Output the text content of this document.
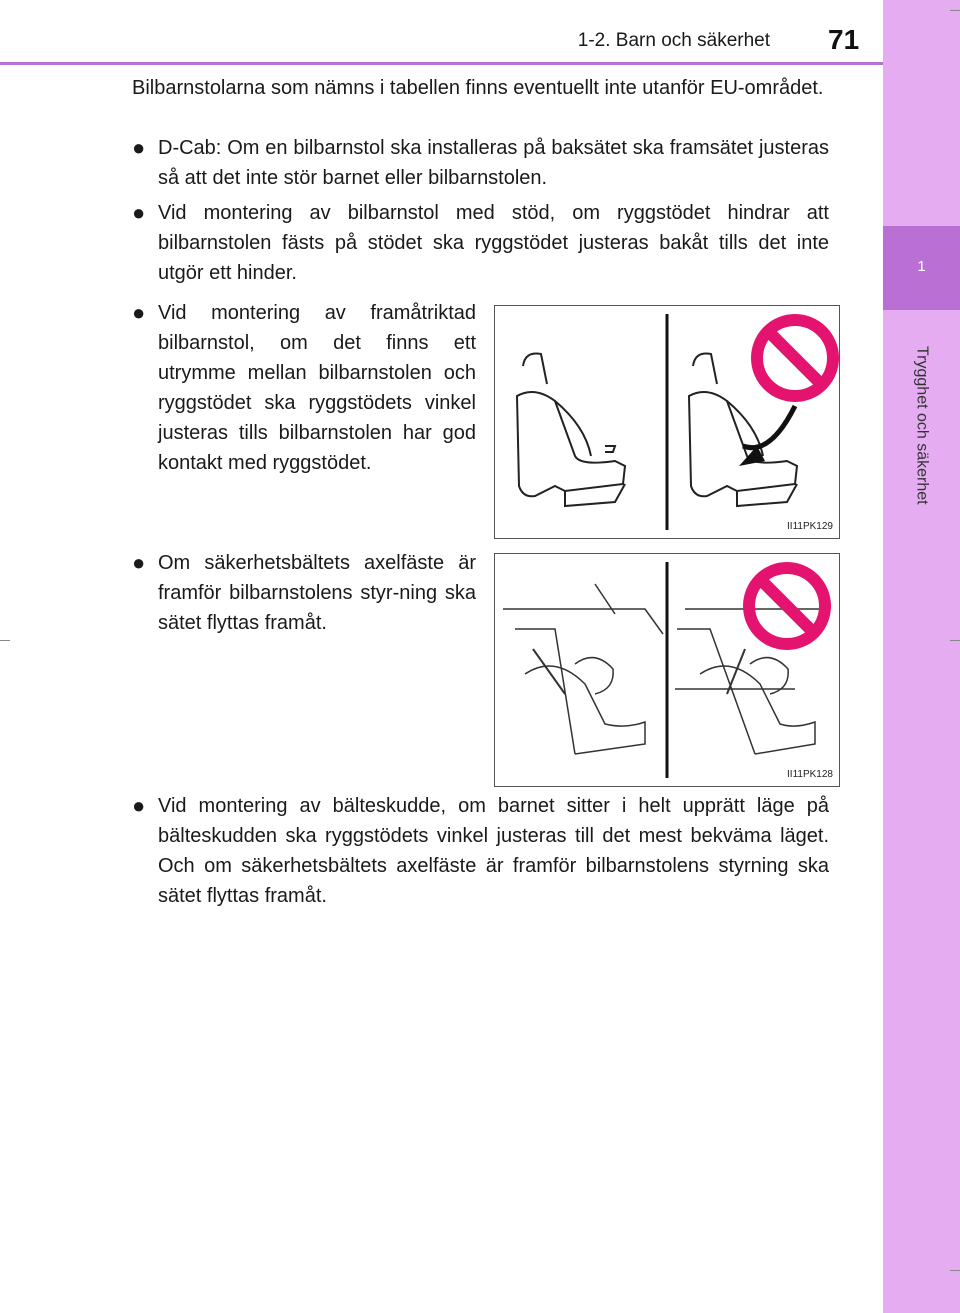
1
Trygghet och säkerhet
1-2. Barn och säkerhet 71
Bilbarnstolarna som nämns i tabellen finns eventuellt inte utanför EU-området.
● D-Cab: Om en bilbarnstol ska installeras på baksätet ska framsätet justeras så att det inte stör barnet eller bilbarnstolen.
● Vid montering av bilbarnstol med stöd, om ryggstödet hindrar att bilbarnstolen fästs på stödet ska ryggstödet justeras bakåt tills det inte utgör ett hinder.
● Vid montering av framåtriktad bilbarnstol, om det finns ett utrymme mellan bilbarnstolen och ryggstödet ska ryggstödets vinkel justeras tills bilbarnstolen har god kontakt med ryggstödet.
II11PK129
● Om säkerhetsbältets axelfäste är framför bilbarnstolens styr-ning ska sätet flyttas framåt.
II11PK128
● Vid montering av bälteskudde, om barnet sitter i helt upprätt läge på bälteskudden ska ryggstödets vinkel justeras till det mest bekväma läget. Och om säkerhetsbältets axelfäste är framför bilbarnstolens styrning ska sätet flyttas framåt.
